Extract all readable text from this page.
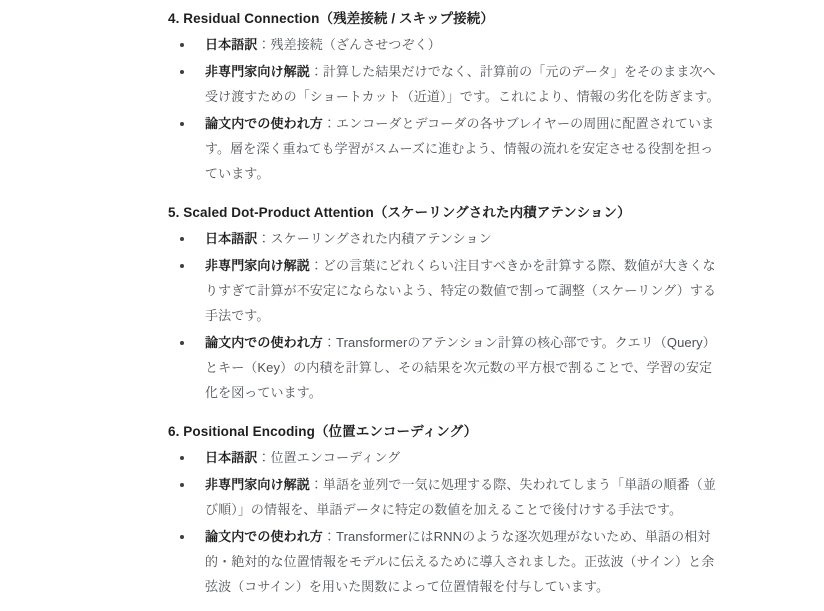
4. Residual Connection（残差接続 / スキップ接続）
日本語訳：残差接続（ざんさせつぞく）
非専門家向け解説：計算した結果だけでなく、計算前の「元のデータ」をそのまま次へ受け渡すための「ショートカット（近道）」です。これにより、情報の劣化を防ぎます。
論文内での使われ方：エンコーダとデコーダの各サブレイヤーの周囲に配置されています。層を深く重ねても学習がスムーズに進むよう、情報の流れを安定させる役割を担っています。
5. Scaled Dot-Product Attention（スケーリングされた内積アテンション）
日本語訳：スケーリングされた内積アテンション
非専門家向け解説：どの言葉にどれくらい注目すべきかを計算する際、数値が大きくなりすぎて計算が不安定にならないよう、特定の数値で割って調整（スケーリング）する手法です。
論文内での使われ方：Transformerのアテンション計算の核心部です。クエリ（Query）とキー（Key）の内積を計算し、その結果を次元数の平方根で割ることで、学習の安定化を図っています。
6. Positional Encoding（位置エンコーディング）
日本語訳：位置エンコーディング
非専門家向け解説：単語を並列で一気に処理する際、失われてしまう「単語の順番（並び順）」の情報を、単語データに特定の数値を加えることで後付けする手法です。
論文内での使われ方：TransformerにはRNNのような逐次処理がないため、単語の相対的・絶対的な位置情報をモデルに伝えるために導入されました。正弦波（サイン）と余弦波（コサイン）を用いた関数によって位置情報を付与しています。
